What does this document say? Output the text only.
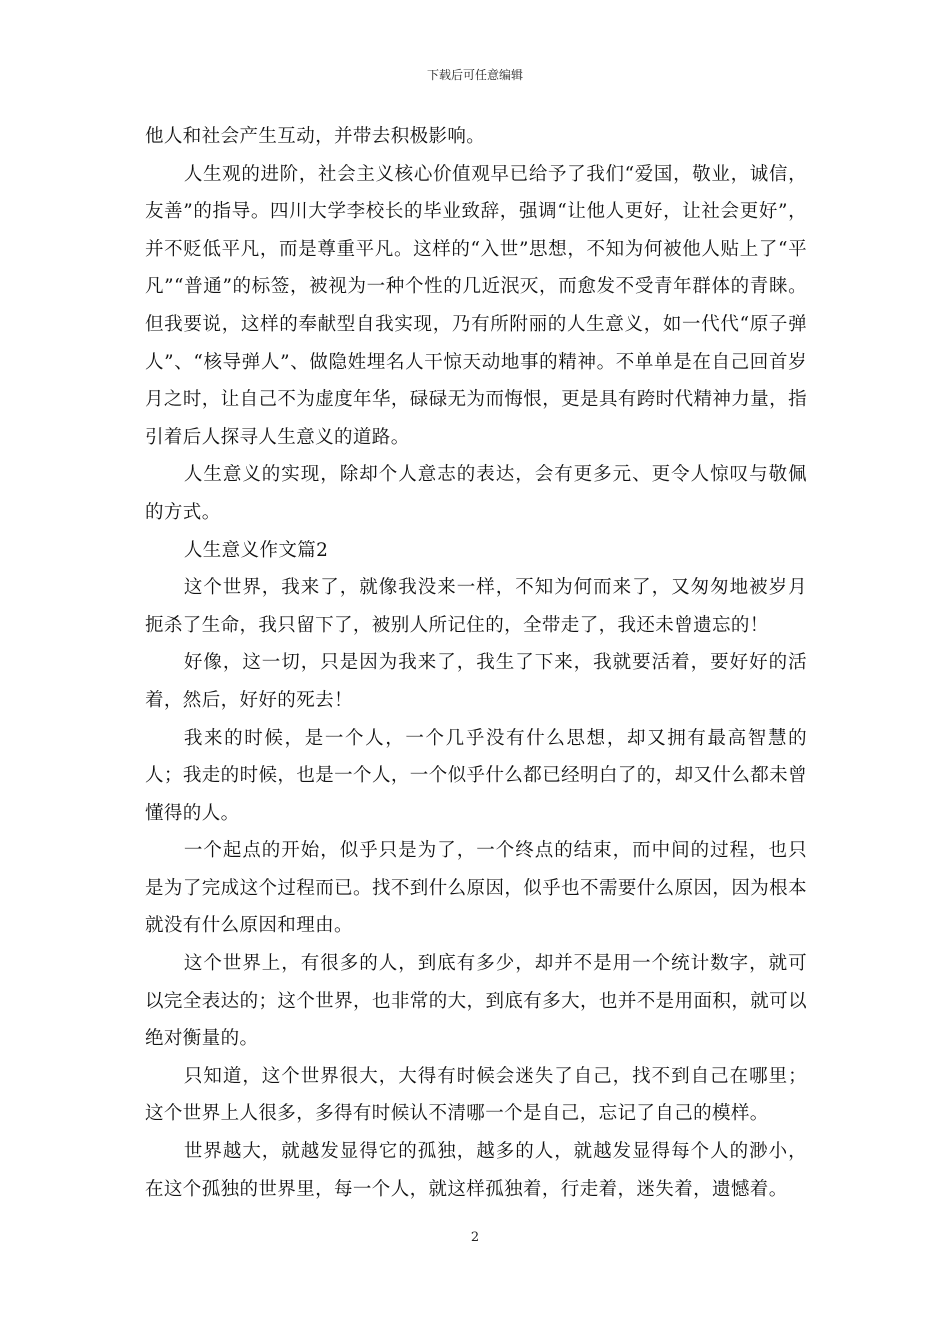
下载后可任意编辑

他人和社会产生互动，并带去积极影响。

人生观的进阶，社会主义核心价值观早已给予了我们“爱国，敬业，诚信，友善”的指导。四川大学李校长的毕业致辞，强调“让他人更好，让社会更好”，并不贬低平凡，而是尊重平凡。这样的“入世”思想，不知为何被他人贴上了“平凡”“普通”的标签，被视为一种个性的几近泯灭，而愈发不受青年群体的青睐。但我要说，这样的奉献型自我实现，乃有所附丽的人生意义，如一代代“原子弹人”、“核导弹人”、做隐姓埋名人干惊天动地事的精神。不单单是在自己回首岁月之时，让自己不为虚度年华，碌碌无为而悔恨，更是具有跨时代精神力量，指引着后人探寻人生意义的道路。

人生意义的实现，除却个人意志的表达，会有更多元、更令人惊叹与敬佩的方式。

人生意义作文篇2

这个世界，我来了，就像我没来一样，不知为何而来了，又匆匆地被岁月扼杀了生命，我只留下了，被别人所记住的，全带走了，我还未曾遗忘的！

好像，这一切，只是因为我来了，我生了下来，我就要活着，要好好的活着，然后，好好的死去！

我来的时候，是一个人，一个几乎没有什么思想，却又拥有最高智慧的人；我走的时候，也是一个人，一个似乎什么都已经明白了的，却又什么都未曾懂得的人。

一个起点的开始，似乎只是为了，一个终点的结束，而中间的过程，也只是为了完成这个过程而已。找不到什么原因，似乎也不需要什么原因，因为根本就没有什么原因和理由。

这个世界上，有很多的人，到底有多少，却并不是用一个统计数字，就可以完全表达的；这个世界，也非常的大，到底有多大，也并不是用面积，就可以绝对衡量的。

只知道，这个世界很大，大得有时候会迷失了自己，找不到自己在哪里；这个世界上人很多，多得有时候认不清哪一个是自己，忘记了自己的模样。

世界越大，就越发显得它的孤独，越多的人，就越发显得每个人的渺小，在这个孤独的世界里，每一个人，就这样孤独着，行走着，迷失着，遗憾着。

2
